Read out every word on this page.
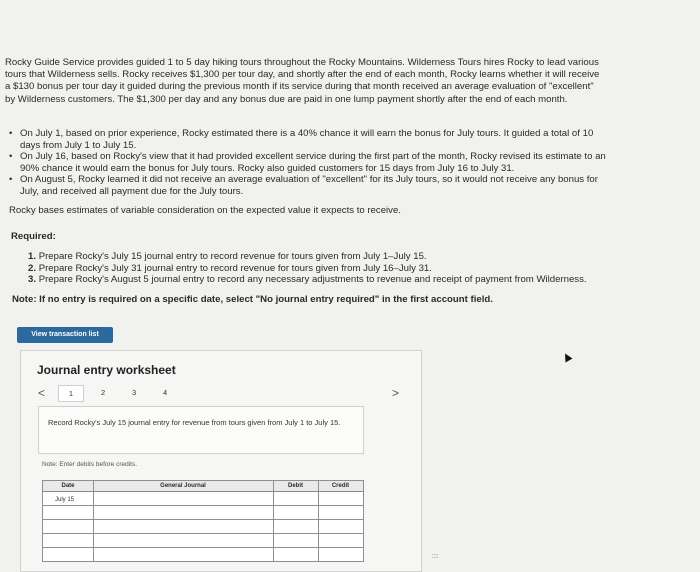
Rocky Guide Service provides guided 1 to 5 day hiking tours throughout the Rocky Mountains. Wilderness Tours hires Rocky to lead various tours that Wilderness sells. Rocky receives $1,300 per tour day, and shortly after the end of each month, Rocky learns whether it will receive a $130 bonus per tour day it guided during the previous month if its service during that month received an average evaluation of "excellent" by Wilderness customers. The $1,300 per day and any bonus due are paid in one lump payment shortly after the end of each month.
• On July 1, based on prior experience, Rocky estimated there is a 40% chance it will earn the bonus for July tours. It guided a total of 10 days from July 1 to July 15.
• On July 16, based on Rocky's view that it had provided excellent service during the first part of the month, Rocky revised its estimate to an 90% chance it would earn the bonus for July tours. Rocky also guided customers for 15 days from July 16 to July 31.
• On August 5, Rocky learned it did not receive an average evaluation of "excellent" for its July tours, so it would not receive any bonus for July, and received all payment due for the July tours.
Rocky bases estimates of variable consideration on the expected value it expects to receive.
Required:
1. Prepare Rocky's July 15 journal entry to record revenue for tours given from July 1–July 15.
2. Prepare Rocky's July 31 journal entry to record revenue for tours given from July 16–July 31.
3. Prepare Rocky's August 5 journal entry to record any necessary adjustments to revenue and receipt of payment from Wilderness.
Note: If no entry is required on a specific date, select "No journal entry required" in the first account field.
View transaction list
Journal entry worksheet
<	1	2	3	4	>
Record Rocky's July 15 journal entry for revenue from tours given from July 1 to July 15.
Note: Enter debits before credits.
Date	General Journal	Debit	Credit
July 15
::::
